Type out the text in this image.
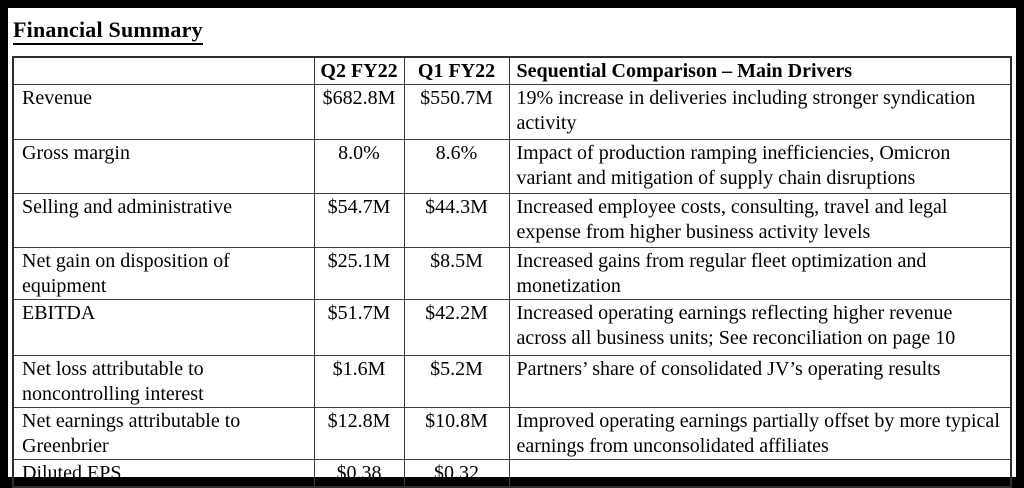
Financial Summary
	Q2 FY22	Q1 FY22	Sequential Comparison – Main Drivers
Revenue	$682.8M	$550.7M	19% increase in deliveries including stronger syndication activity
Gross margin	8.0%	8.6%	Impact of production ramping inefficiencies, Omicron variant and mitigation of supply chain disruptions
Selling and administrative	$54.7M	$44.3M	Increased employee costs, consulting, travel and legal expense from higher business activity levels
Net gain on disposition of equipment	$25.1M	$8.5M	Increased gains from regular fleet optimization and monetization
EBITDA	$51.7M	$42.2M	Increased operating earnings reflecting higher revenue across all business units; See reconciliation on page 10
Net loss attributable to noncontrolling interest	$1.6M	$5.2M	Partners’ share of consolidated JV’s operating results
Net earnings attributable to Greenbrier	$12.8M	$10.8M	Improved operating earnings partially offset by more typical earnings from unconsolidated affiliates
Diluted EPS	$0.38	$0.32	
